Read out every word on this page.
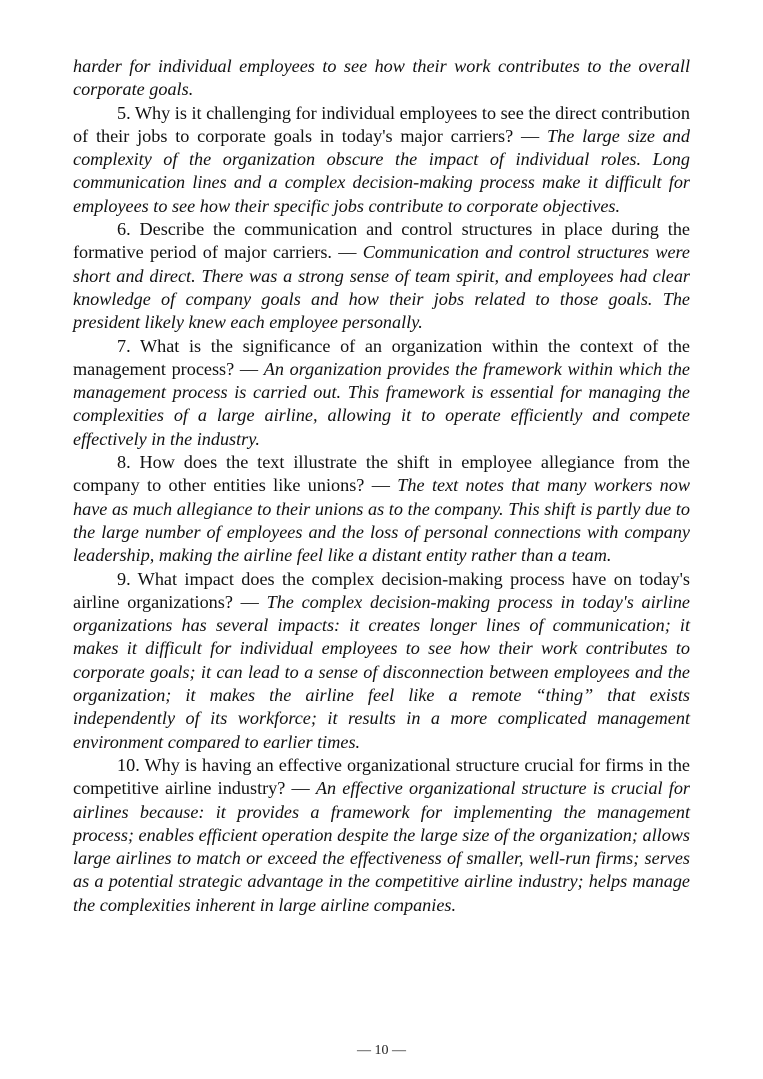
harder for individual employees to see how their work contributes to the overall corporate goals.

5. Why is it challenging for individual employees to see the direct contribution of their jobs to corporate goals in today's major carriers? — The large size and complexity of the organization obscure the impact of individual roles. Long communication lines and a complex decision-making process make it difficult for employees to see how their specific jobs contribute to corporate objectives.

6. Describe the communication and control structures in place during the formative period of major carriers. — Communication and control structures were short and direct. There was a strong sense of team spirit, and employees had clear knowledge of company goals and how their jobs related to those goals. The president likely knew each employee personally.

7. What is the significance of an organization within the context of the management process? — An organization provides the framework within which the management process is carried out. This framework is essential for managing the complexities of a large airline, allowing it to operate efficiently and compete effectively in the industry.

8. How does the text illustrate the shift in employee allegiance from the company to other entities like unions? — The text notes that many workers now have as much allegiance to their unions as to the company. This shift is partly due to the large number of employees and the loss of personal connections with company leadership, making the airline feel like a distant entity rather than a team.

9. What impact does the complex decision-making process have on today's airline organizations? — The complex decision-making process in today's airline organizations has several impacts: it creates longer lines of communication; it makes it difficult for individual employees to see how their work contributes to corporate goals; it can lead to a sense of disconnection between employees and the organization; it makes the airline feel like a remote “thing” that exists independently of its workforce; it results in a more complicated management environment compared to earlier times.

10. Why is having an effective organizational structure crucial for firms in the competitive airline industry? — An effective organizational structure is crucial for airlines because: it provides a framework for implementing the management process; enables efficient operation despite the large size of the organization; allows large airlines to match or exceed the effectiveness of smaller, well-run firms; serves as a potential strategic advantage in the competitive airline industry; helps manage the complexities inherent in large airline companies.

— 10 —
